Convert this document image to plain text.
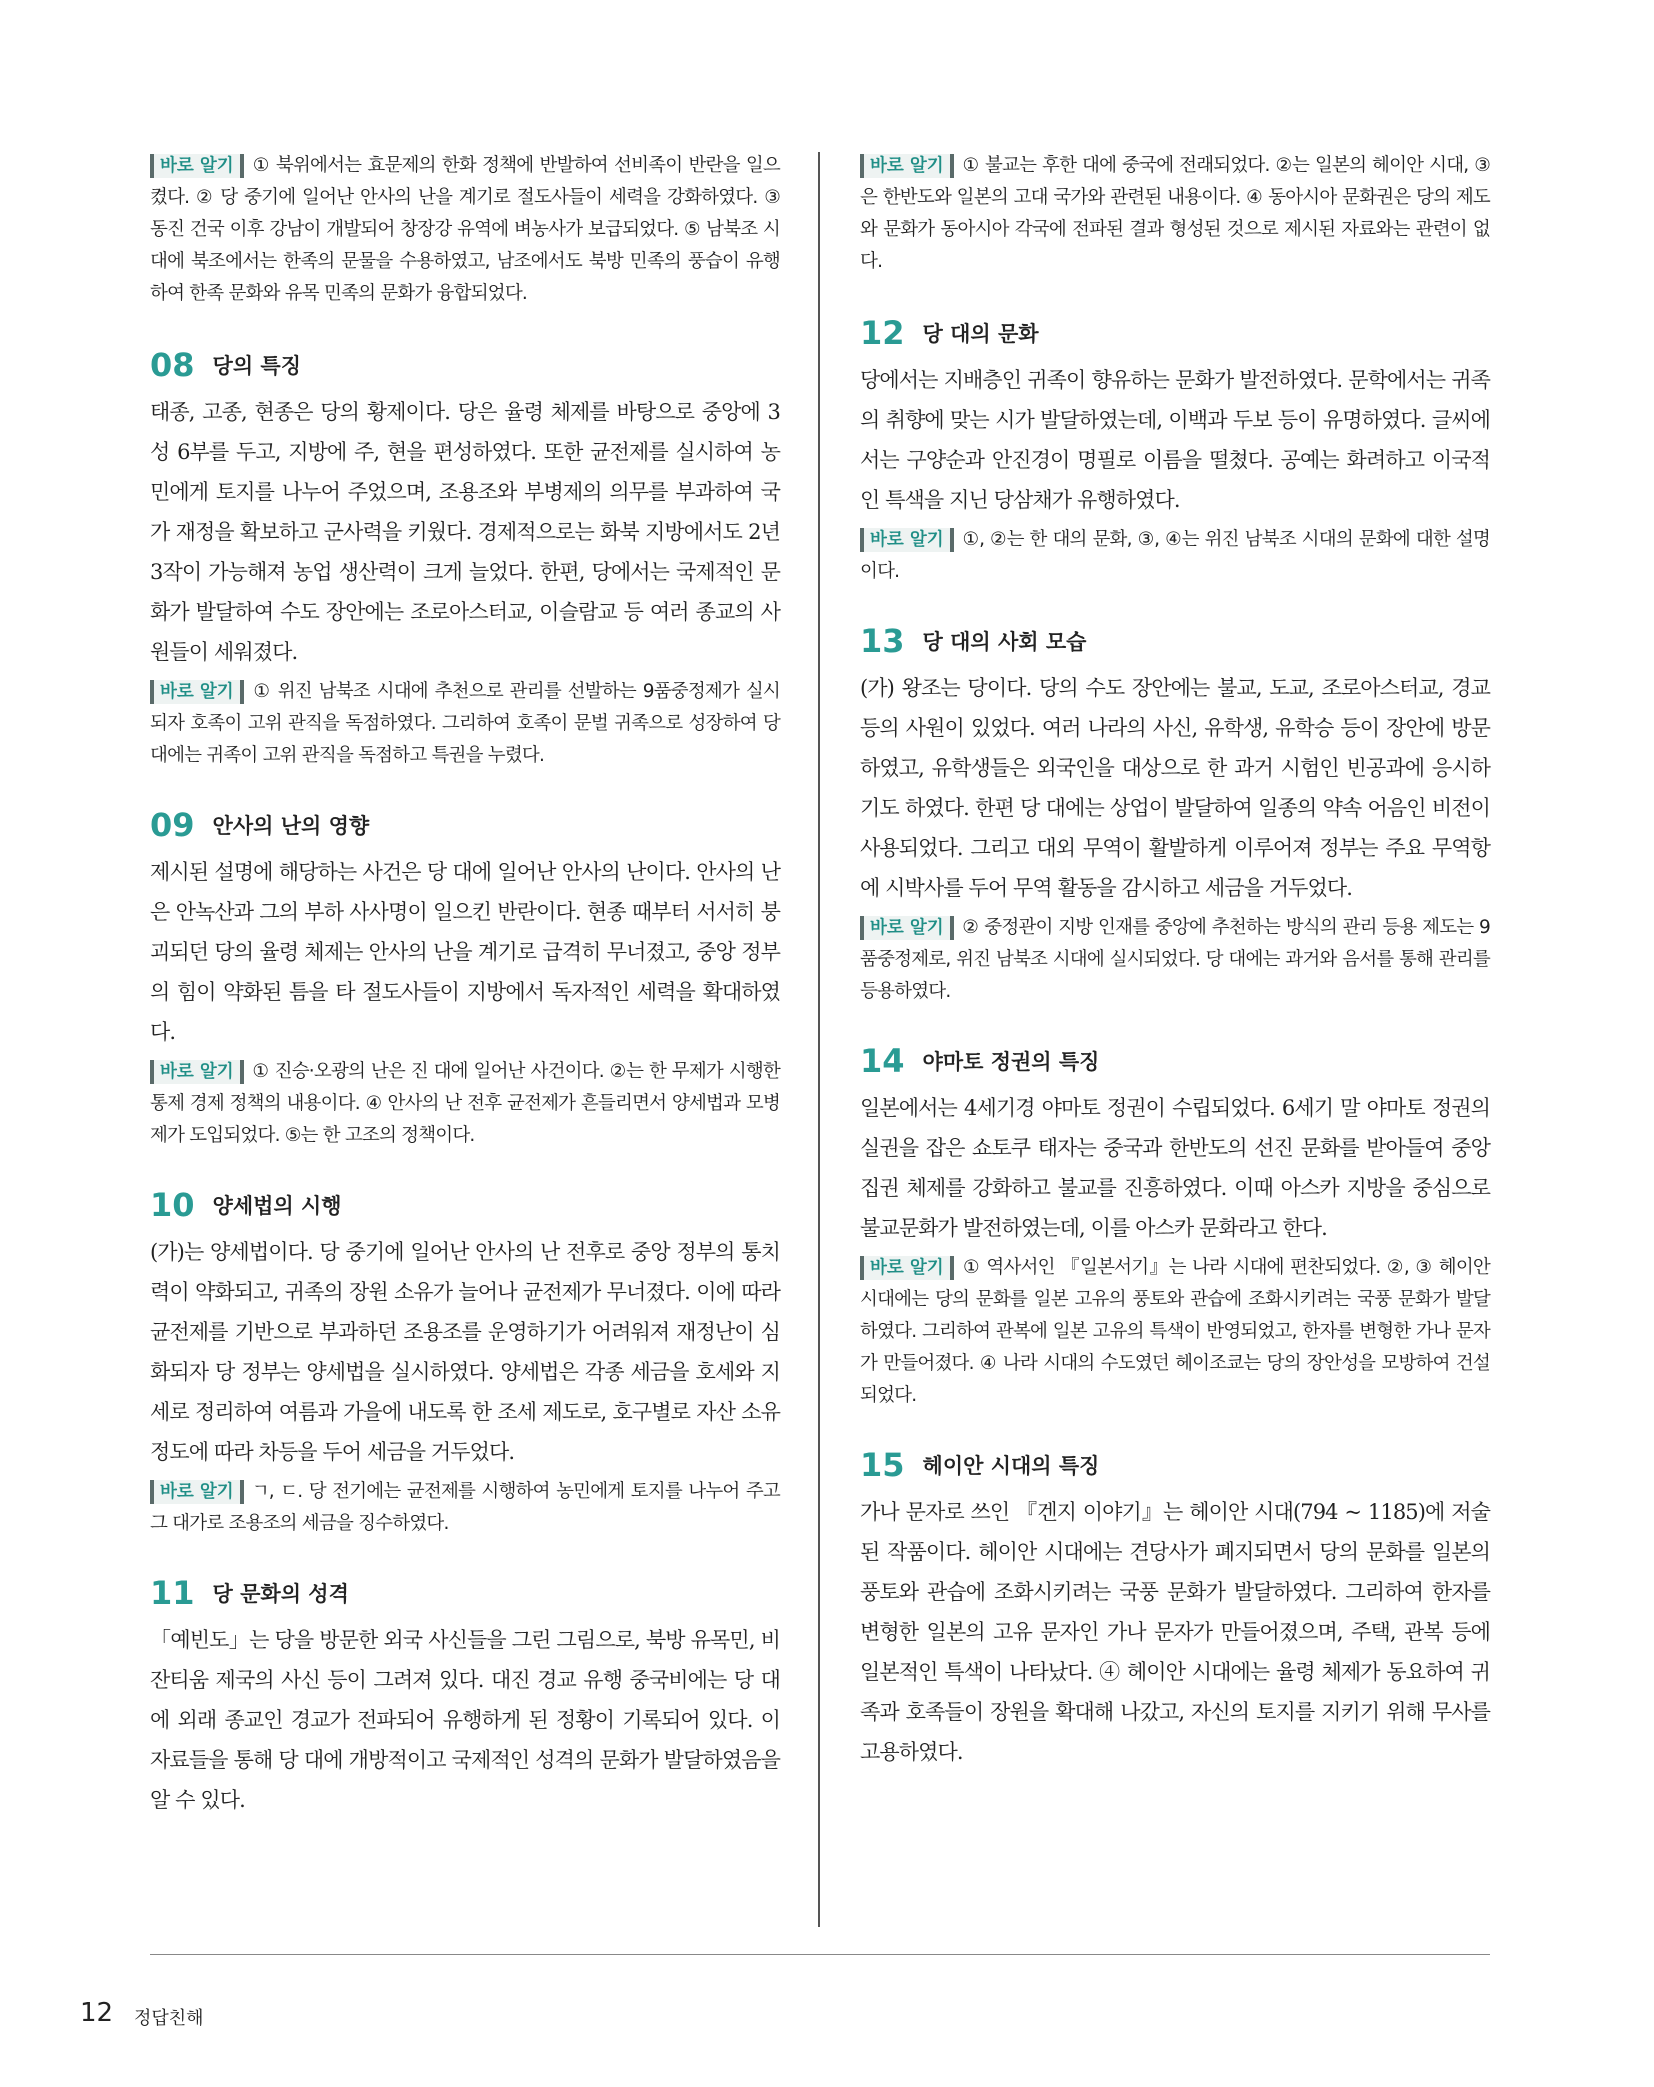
바로 알기 ① 북위에서는 효문제의 한화 정책에 반발하여 선비족이 반란을 일으켰다. ② 당 중기에 일어난 안사의 난을 계기로 절도사들이 세력을 강화하였다. ③ 동진 건국 이후 강남이 개발되어 창장강 유역에 벼농사가 보급되었다. ⑤ 남북조 시대에 북조에서는 한족의 문물을 수용하였고, 남조에서도 북방 민족의 풍습이 유행하여 한족 문화와 유목 민족의 문화가 융합되었다.

08 당의 특징

태종, 고종, 현종은 당의 황제이다. 당은 율령 체제를 바탕으로 중앙에 3성 6부를 두고, 지방에 주, 현을 편성하였다. 또한 균전제를 실시하여 농민에게 토지를 나누어 주었으며, 조용조와 부병제의 의무를 부과하여 국가 재정을 확보하고 군사력을 키웠다. 경제적으로는 화북 지방에서도 2년 3작이 가능해져 농업 생산력이 크게 늘었다. 한편, 당에서는 국제적인 문화가 발달하여 수도 장안에는 조로아스터교, 이슬람교 등 여러 종교의 사원들이 세워졌다.

바로 알기 ① 위진 남북조 시대에 추천으로 관리를 선발하는 9품중정제가 실시되자 호족이 고위 관직을 독점하였다. 그리하여 호족이 문벌 귀족으로 성장하여 당 대에는 귀족이 고위 관직을 독점하고 특권을 누렸다.

09 안사의 난의 영향

제시된 설명에 해당하는 사건은 당 대에 일어난 안사의 난이다. 안사의 난은 안녹산과 그의 부하 사사명이 일으킨 반란이다. 현종 때부터 서서히 붕괴되던 당의 율령 체제는 안사의 난을 계기로 급격히 무너졌고, 중앙 정부의 힘이 약화된 틈을 타 절도사들이 지방에서 독자적인 세력을 확대하였다.

바로 알기 ① 진승·오광의 난은 진 대에 일어난 사건이다. ②는 한 무제가 시행한 통제 경제 정책의 내용이다. ④ 안사의 난 전후 균전제가 흔들리면서 양세법과 모병제가 도입되었다. ⑤는 한 고조의 정책이다.

10 양세법의 시행

(가)는 양세법이다. 당 중기에 일어난 안사의 난 전후로 중앙 정부의 통치력이 약화되고, 귀족의 장원 소유가 늘어나 균전제가 무너졌다. 이에 따라 균전제를 기반으로 부과하던 조용조를 운영하기가 어려워져 재정난이 심화되자 당 정부는 양세법을 실시하였다. 양세법은 각종 세금을 호세와 지세로 정리하여 여름과 가을에 내도록 한 조세 제도로, 호구별로 자산 소유 정도에 따라 차등을 두어 세금을 거두었다.

바로 알기 ㄱ, ㄷ. 당 전기에는 균전제를 시행하여 농민에게 토지를 나누어 주고 그 대가로 조용조의 세금을 징수하였다.

11 당 문화의 성격

「예빈도」는 당을 방문한 외국 사신들을 그린 그림으로, 북방 유목민, 비잔티움 제국의 사신 등이 그려져 있다. 대진 경교 유행 중국비에는 당 대에 외래 종교인 경교가 전파되어 유행하게 된 정황이 기록되어 있다. 이 자료들을 통해 당 대에 개방적이고 국제적인 성격의 문화가 발달하였음을 알 수 있다.

바로 알기 ① 불교는 후한 대에 중국에 전래되었다. ②는 일본의 헤이안 시대, ③은 한반도와 일본의 고대 국가와 관련된 내용이다. ④ 동아시아 문화권은 당의 제도와 문화가 동아시아 각국에 전파된 결과 형성된 것으로 제시된 자료와는 관련이 없다.

12 당 대의 문화

당에서는 지배층인 귀족이 향유하는 문화가 발전하였다. 문학에서는 귀족의 취향에 맞는 시가 발달하였는데, 이백과 두보 등이 유명하였다. 글씨에서는 구양순과 안진경이 명필로 이름을 떨쳤다. 공예는 화려하고 이국적인 특색을 지닌 당삼채가 유행하였다.

바로 알기 ①, ②는 한 대의 문화, ③, ④는 위진 남북조 시대의 문화에 대한 설명이다.

13 당 대의 사회 모습

(가) 왕조는 당이다. 당의 수도 장안에는 불교, 도교, 조로아스터교, 경교 등의 사원이 있었다. 여러 나라의 사신, 유학생, 유학승 등이 장안에 방문하였고, 유학생들은 외국인을 대상으로 한 과거 시험인 빈공과에 응시하기도 하였다. 한편 당 대에는 상업이 발달하여 일종의 약속 어음인 비전이 사용되었다. 그리고 대외 무역이 활발하게 이루어져 정부는 주요 무역항에 시박사를 두어 무역 활동을 감시하고 세금을 거두었다.

바로 알기 ② 중정관이 지방 인재를 중앙에 추천하는 방식의 관리 등용 제도는 9품중정제로, 위진 남북조 시대에 실시되었다. 당 대에는 과거와 음서를 통해 관리를 등용하였다.

14 야마토 정권의 특징

일본에서는 4세기경 야마토 정권이 수립되었다. 6세기 말 야마토 정권의 실권을 잡은 쇼토쿠 태자는 중국과 한반도의 선진 문화를 받아들여 중앙 집권 체제를 강화하고 불교를 진흥하였다. 이때 아스카 지방을 중심으로 불교문화가 발전하였는데, 이를 아스카 문화라고 한다.

바로 알기 ① 역사서인 『일본서기』는 나라 시대에 편찬되었다. ②, ③ 헤이안 시대에는 당의 문화를 일본 고유의 풍토와 관습에 조화시키려는 국풍 문화가 발달하였다. 그리하여 관복에 일본 고유의 특색이 반영되었고, 한자를 변형한 가나 문자가 만들어졌다. ④ 나라 시대의 수도였던 헤이조쿄는 당의 장안성을 모방하여 건설되었다.

15 헤이안 시대의 특징

가나 문자로 쓰인 『겐지 이야기』는 헤이안 시대(794 ~ 1185)에 저술된 작품이다. 헤이안 시대에는 견당사가 폐지되면서 당의 문화를 일본의 풍토와 관습에 조화시키려는 국풍 문화가 발달하였다. 그리하여 한자를 변형한 일본의 고유 문자인 가나 문자가 만들어졌으며, 주택, 관복 등에 일본적인 특색이 나타났다. ④ 헤이안 시대에는 율령 체제가 동요하여 귀족과 호족들이 장원을 확대해 나갔고, 자신의 토지를 지키기 위해 무사를 고용하였다.

12 정답친해
